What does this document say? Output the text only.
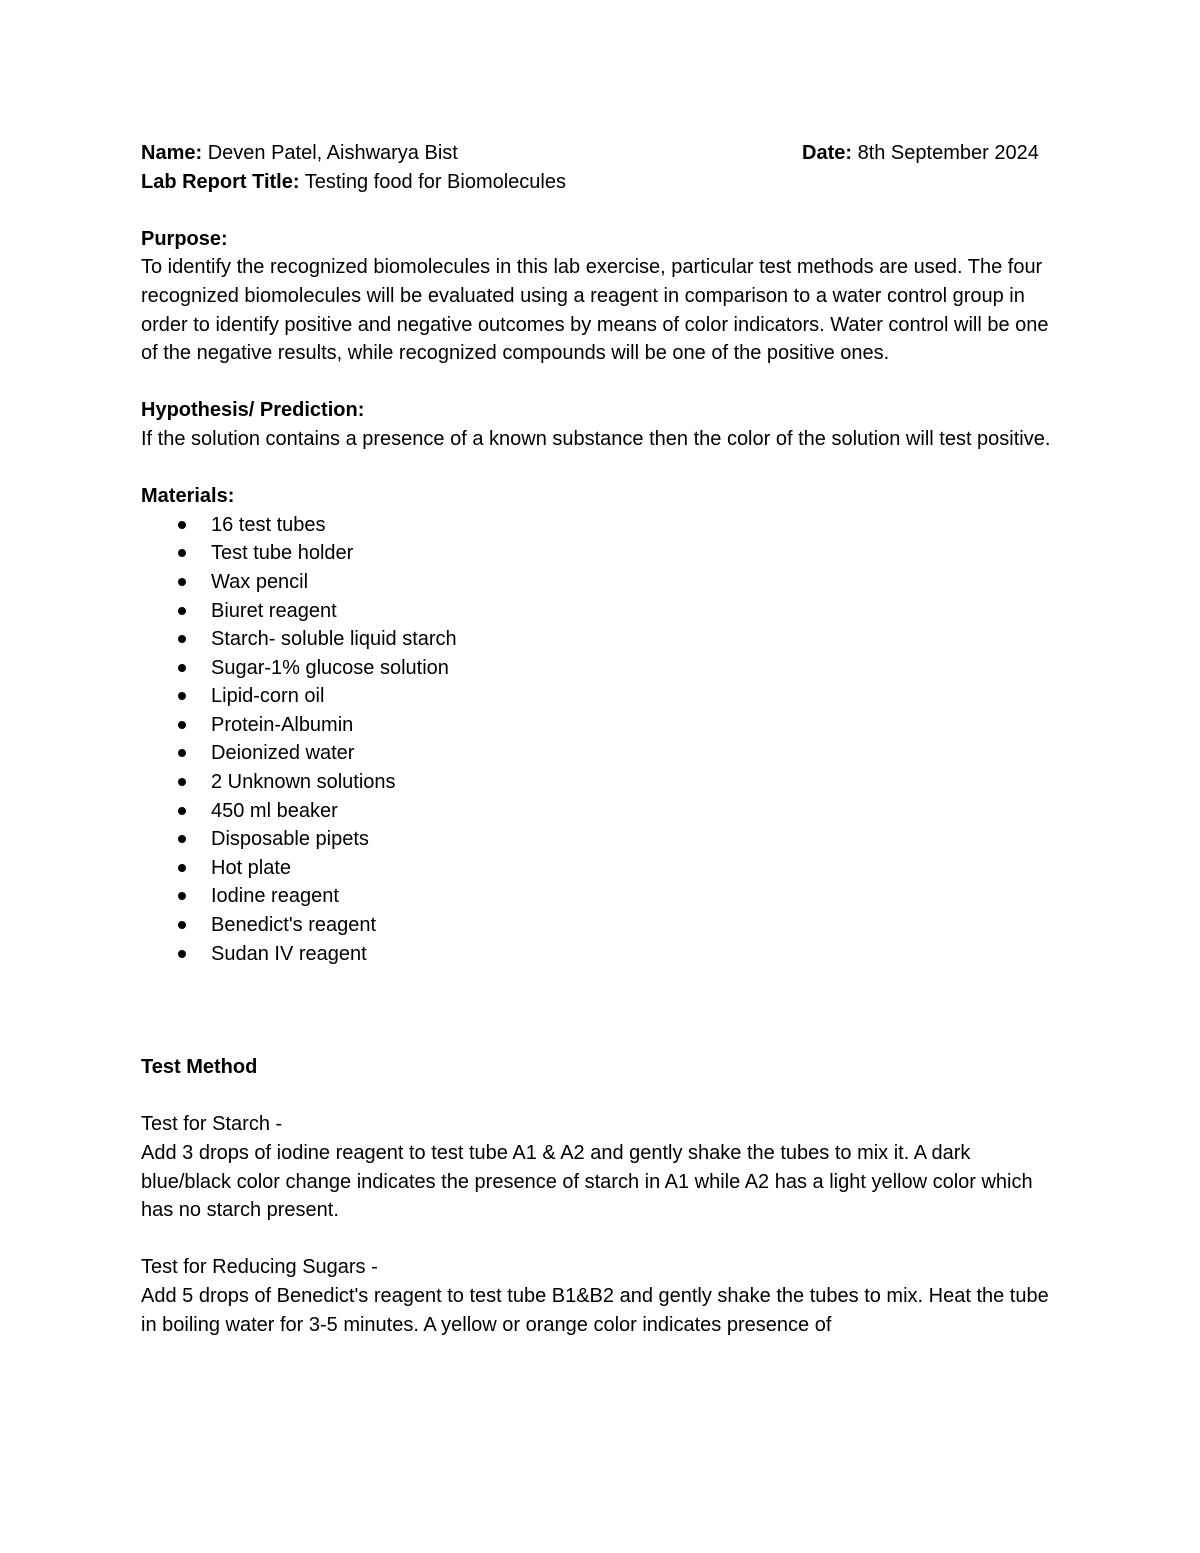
Name: Deven Patel, Aishwarya Bist	Date: 8th September 2024
Lab Report Title: Testing food for Biomolecules

Purpose:

To identify the recognized biomolecules in this lab exercise, particular test methods are used. The four recognized biomolecules will be evaluated using a reagent in comparison to a water control group in order to identify positive and negative outcomes by means of color indicators. Water control will be one of the negative results, while recognized compounds will be one of the positive ones.

Hypothesis/ Prediction:

If the solution contains a presence of a known substance then the color of the solution will test positive.

Materials:

16 test tubes
Test tube holder
Wax pencil
Biuret reagent
Starch- soluble liquid starch
Sugar-1% glucose solution
Lipid-corn oil
Protein-Albumin
Deionized water
2 Unknown solutions
450 ml beaker
Disposable pipets
Hot plate
Iodine reagent
Benedict's reagent
Sudan IV reagent

Test Method

Test for Starch -

Add 3 drops of iodine reagent to test tube A1 & A2 and gently shake the tubes to mix it. A dark blue/black color change indicates the presence of starch in A1 while A2 has a light yellow color which has no starch present.

Test for Reducing Sugars -

Add 5 drops of Benedict's reagent to test tube B1&B2 and gently shake the tubes to mix. Heat the tube in boiling water for 3-5 minutes. A yellow or orange color indicates presence of
